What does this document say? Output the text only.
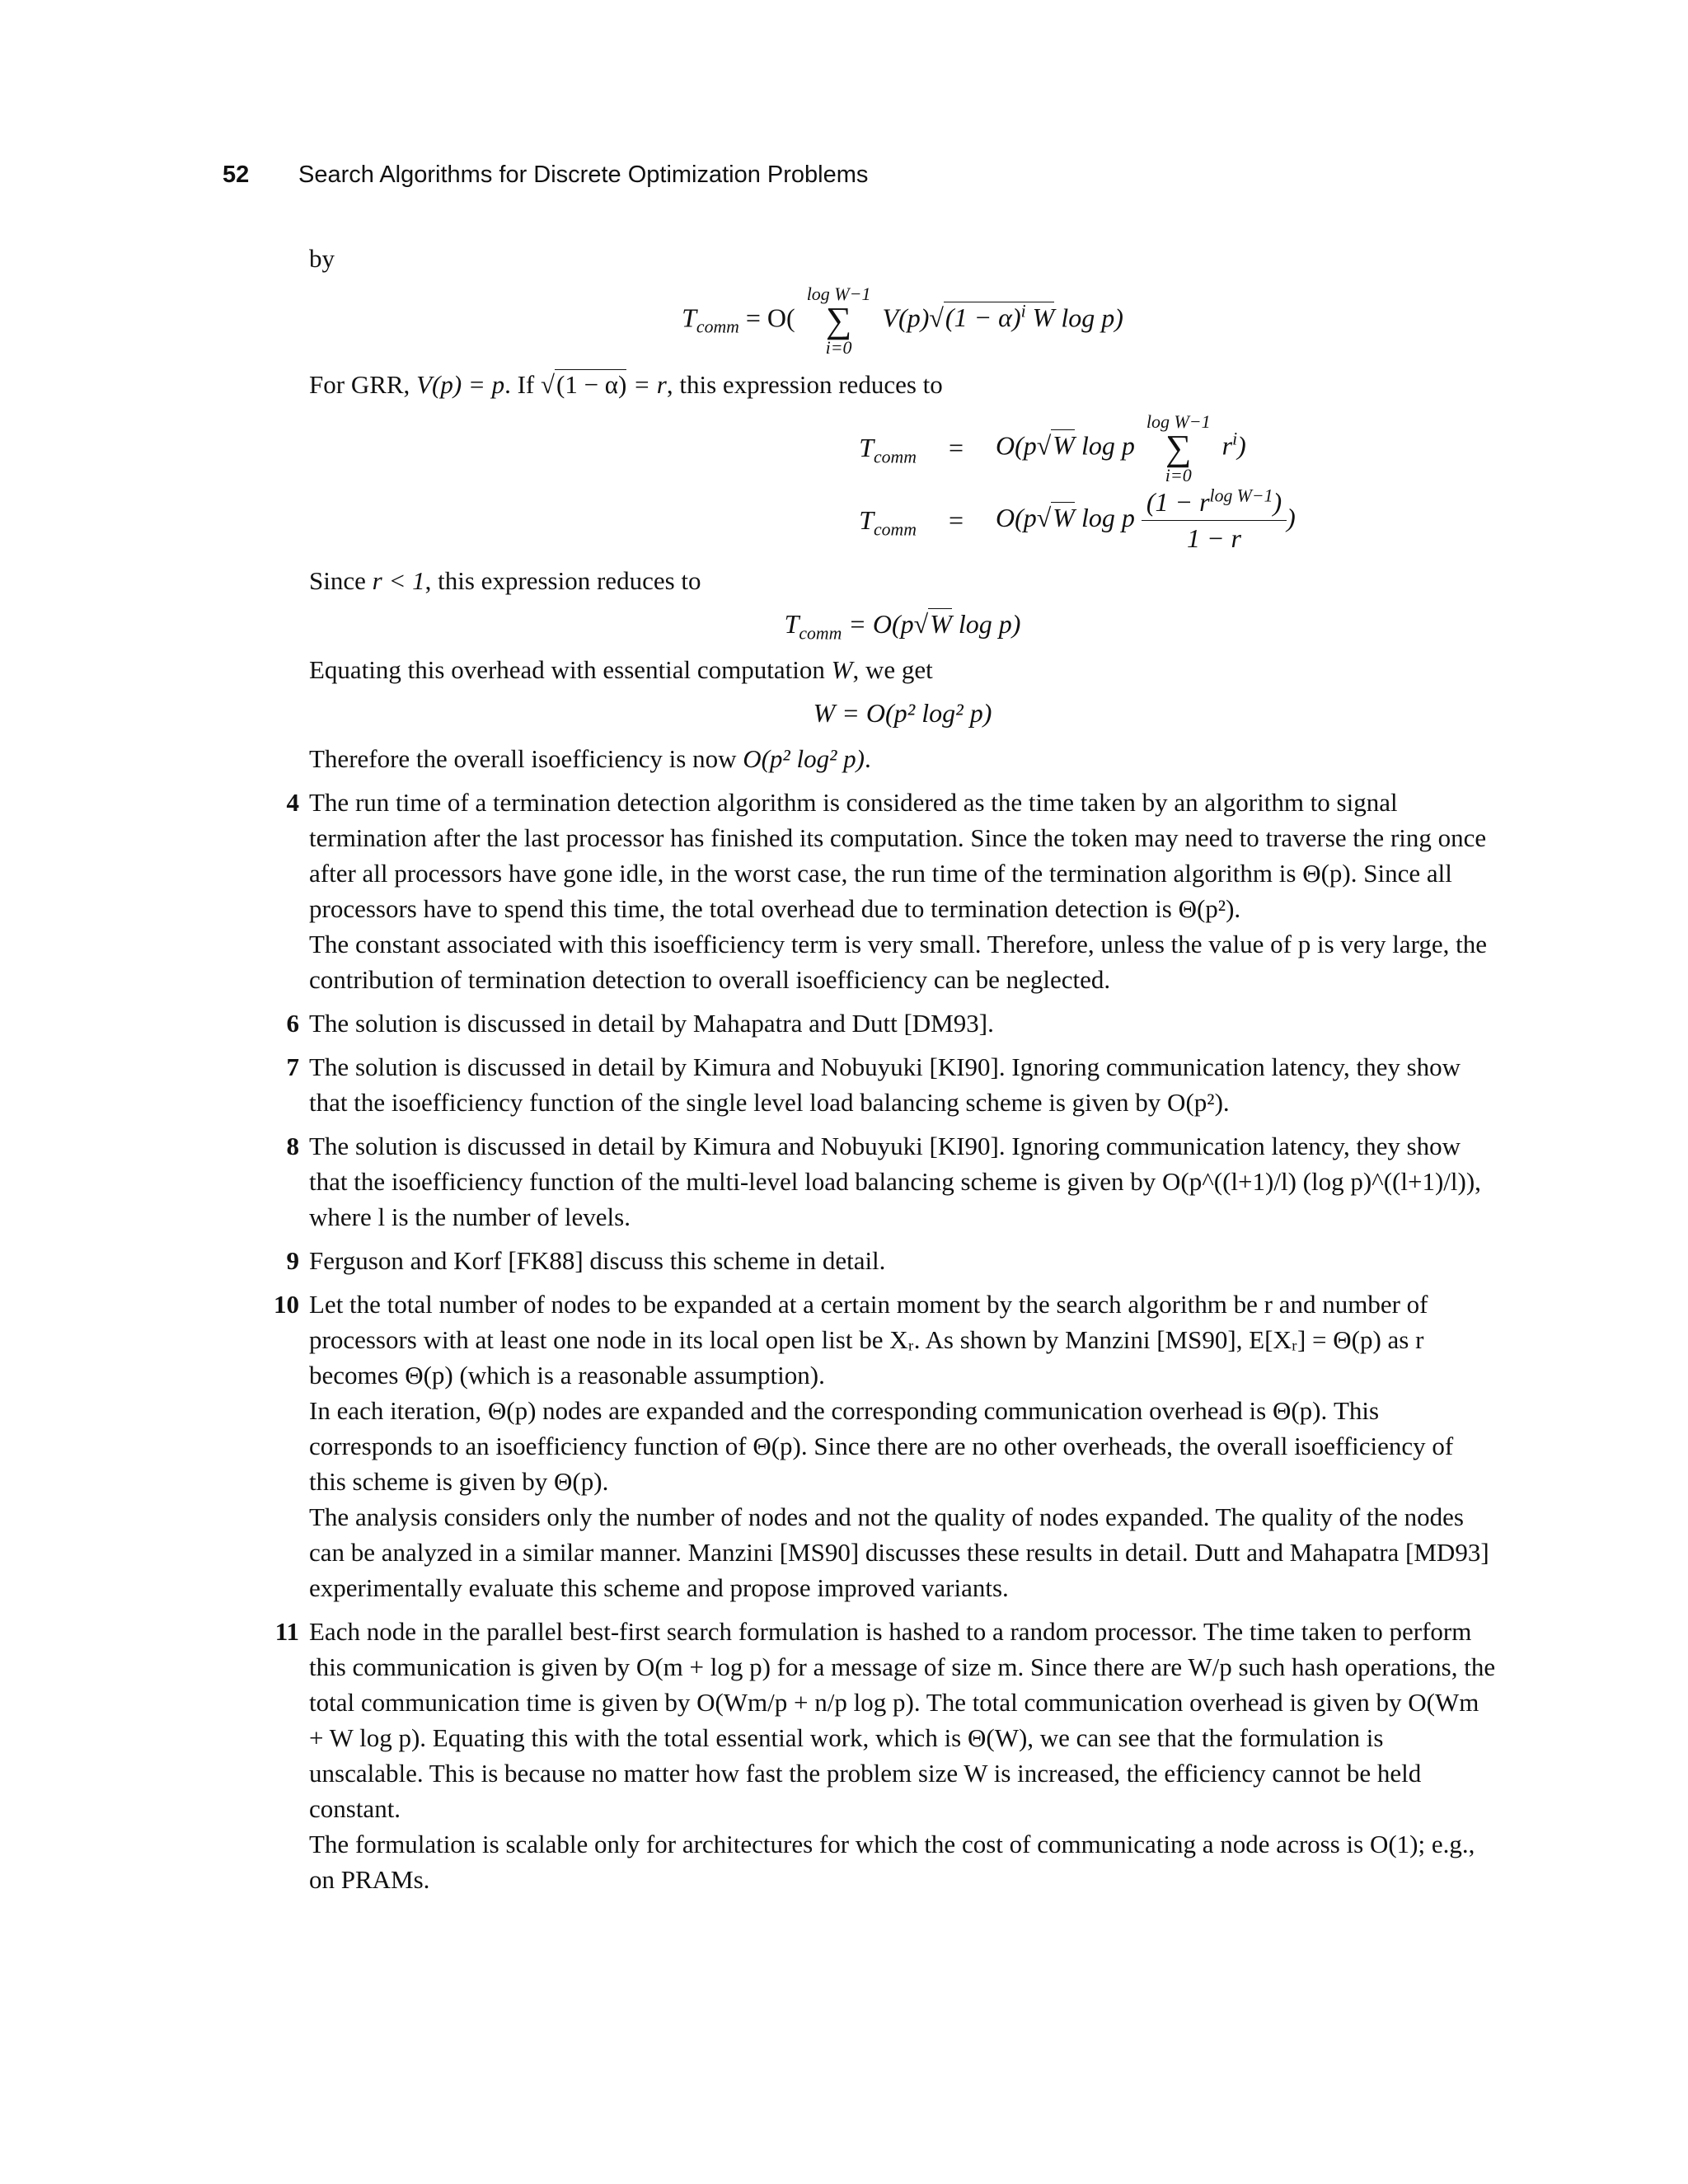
52 Search Algorithms for Discrete Optimization Problems

by

$T_{comm} = O$(
log W−1
∑
i=0
$V(p)√(1 - \alpha)^i$ W log p)

For GRR, V(p) = p. If √(1 − α) = r, this expression reduces to

$T_{comm}$	=	O(p√W log p
log W−1
∑
i=0
$r^i$)
$T_{comm}$	=	O(p√W log p $\frac{(1 - r^{log W-1})}{1 - r}$ )

Since r < 1, this expression reduces to

$T_{comm} = O(p√W$ log p)

Equating this overhead with essential computation W, we get

W = O(p² log² p)

Therefore the overall isoefficiency is now O(p² log² p).

4 The run time of a termination detection algorithm is considered as the time taken by an algorithm to signal termination after the last processor has finished its computation. Since the token may need to traverse the ring once after all processors have gone idle, in the worst case, the run time of the termination algorithm is Θ(p). Since all processors have to spend this time, the total overhead due to termination detection is Θ(p²).

The constant associated with this isoefficiency term is very small. Therefore, unless the value of p is very large, the contribution of termination detection to overall isoefficiency can be neglected.

6 The solution is discussed in detail by Mahapatra and Dutt [DM93].

7 The solution is discussed in detail by Kimura and Nobuyuki [KI90]. Ignoring communication latency, they show that the isoefficiency function of the single level load balancing scheme is given by O(p²).

8 The solution is discussed in detail by Kimura and Nobuyuki [KI90]. Ignoring communication latency, they show that the isoefficiency function of the multi-level load balancing scheme is given by O(p^((l+1)/l) (log p)^((l+1)/l)), where l is the number of levels.

9 Ferguson and Korf [FK88] discuss this scheme in detail.

10 Let the total number of nodes to be expanded at a certain moment by the search algorithm be r and number of processors with at least one node in its local open list be Xᵣ. As shown by Manzini [MS90], E[Xᵣ] = Θ(p) as r becomes Θ(p) (which is a reasonable assumption).

In each iteration, Θ(p) nodes are expanded and the corresponding communication overhead is Θ(p). This corresponds to an isoefficiency function of Θ(p). Since there are no other overheads, the overall isoefficiency of this scheme is given by Θ(p).

The analysis considers only the number of nodes and not the quality of nodes expanded. The quality of the nodes can be analyzed in a similar manner. Manzini [MS90] discusses these results in detail. Dutt and Mahapatra [MD93] experimentally evaluate this scheme and propose improved variants.

11 Each node in the parallel best-first search formulation is hashed to a random processor. The time taken to perform this communication is given by O(m + log p) for a message of size m. Since there are W/p such hash operations, the total communication time is given by O(Wm/p + n/p log p). The total communication overhead is given by O(Wm + W log p). Equating this with the total essential work, which is Θ(W), we can see that the formulation is unscalable. This is because no matter how fast the problem size W is increased, the efficiency cannot be held constant.

The formulation is scalable only for architectures for which the cost of communicating a node across is O(1); e.g., on PRAMs.
